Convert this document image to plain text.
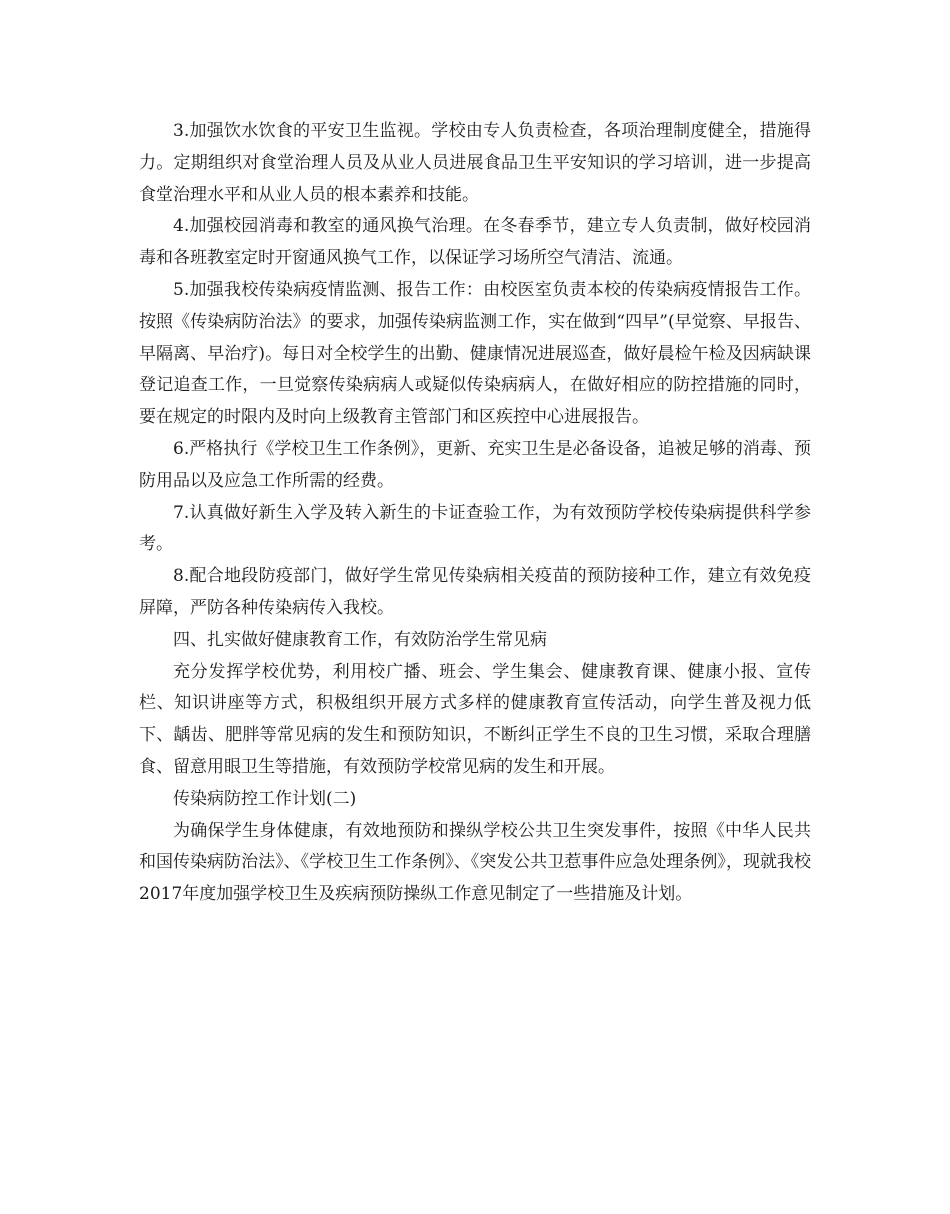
3.加强饮水饮食的平安卫生监视。学校由专人负责检查，各项治理制度健全，措施得力。定期组织对食堂治理人员及从业人员进展食品卫生平安知识的学习培训，进一步提高食堂治理水平和从业人员的根本素养和技能。

4.加强校园消毒和教室的通风换气治理。在冬春季节，建立专人负责制，做好校园消毒和各班教室定时开窗通风换气工作，以保证学习场所空气清洁、流通。

5.加强我校传染病疫情监测、报告工作：由校医室负责本校的传染病疫情报告工作。按照《传染病防治法》的要求，加强传染病监测工作，实在做到“四早”(早觉察、早报告、早隔离、早治疗)。每日对全校学生的出勤、健康情况进展巡查，做好晨检午检及因病缺课登记追查工作，一旦觉察传染病病人或疑似传染病病人，在做好相应的防控措施的同时，要在规定的时限内及时向上级教育主管部门和区疾控中心进展报告。

6.严格执行《学校卫生工作条例》，更新、充实卫生是必备设备，追被足够的消毒、预防用品以及应急工作所需的经费。

7.认真做好新生入学及转入新生的卡证查验工作，为有效预防学校传染病提供科学参考。

8.配合地段防疫部门，做好学生常见传染病相关疫苗的预防接种工作，建立有效免疫屏障，严防各种传染病传入我校。

四、扎实做好健康教育工作，有效防治学生常见病

充分发挥学校优势，利用校广播、班会、学生集会、健康教育课、健康小报、宣传栏、知识讲座等方式，积极组织开展方式多样的健康教育宣传活动，向学生普及视力低下、龋齿、肥胖等常见病的发生和预防知识，不断纠正学生不良的卫生习惯，采取合理膳食、留意用眼卫生等措施，有效预防学校常见病的发生和开展。

传染病防控工作计划(二)

为确保学生身体健康，有效地预防和操纵学校公共卫生突发事件，按照《中华人民共和国传染病防治法》、《学校卫生工作条例》、《突发公共卫惹事件应急处理条例》，现就我校2017年度加强学校卫生及疾病预防操纵工作意见制定了一些措施及计划。
